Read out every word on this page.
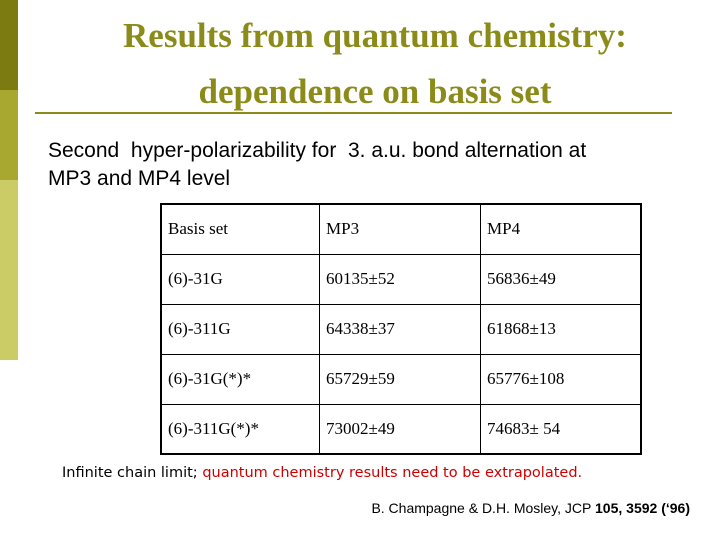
Results from quantum chemistry:
dependence on basis set
Second  hyper-polarizability for  3. a.u. bond alternation at
MP3 and MP4 level
Basis set	MP3	MP4
(6)-31G	60135±52	56836±49
(6)-311G	64338±37	61868±13
(6)-31G(*)*	65729±59	65776±108
(6)-311G(*)*	73002±49	74683± 54
Infinite chain limit; quantum chemistry results need to be extrapolated.
B. Champagne & D.H. Mosley, JCP 105, 3592 (‘96)
